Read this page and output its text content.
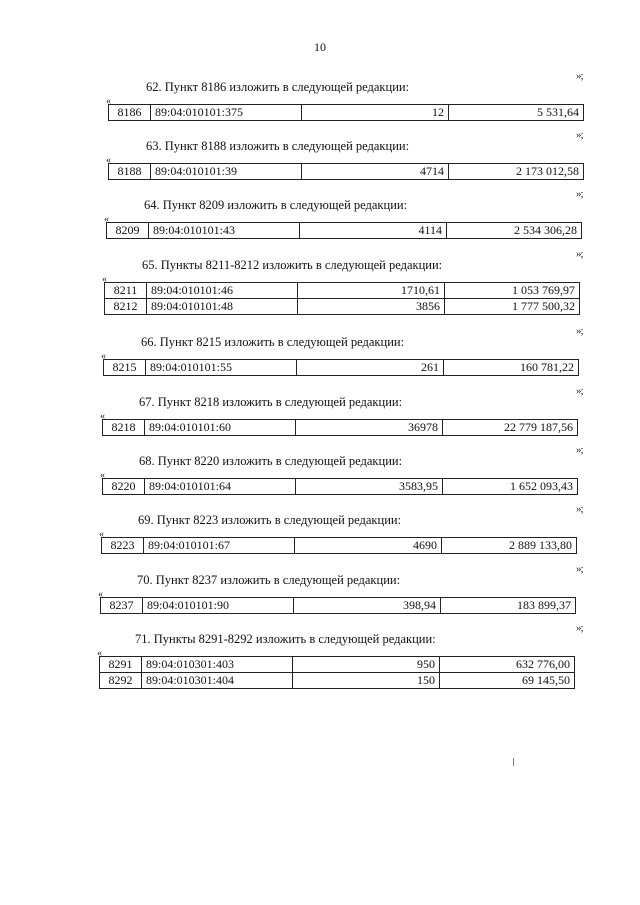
10
»;
62. Пункт 8186 изложить в следующей редакции:
«
8186	89:04:010101:375	12	5 531,64
»;
63. Пункт 8188 изложить в следующей редакции:
«
8188	89:04:010101:39	4714	2 173 012,58
»;
64. Пункт 8209 изложить в следующей редакции:
«
8209	89:04:010101:43	4114	2 534 306,28
»;
65. Пункты 8211-8212 изложить в следующей редакции:
«
8211	89:04:010101:46	1710,61	1 053 769,97
8212	89:04:010101:48	3856	1 777 500,32
»;
66. Пункт 8215 изложить в следующей редакции:
«
8215	89:04:010101:55	261	160 781,22
»;
67. Пункт 8218 изложить в следующей редакции:
«
8218	89:04:010101:60	36978	22 779 187,56
»;
68. Пункт 8220 изложить в следующей редакции:
«
8220	89:04:010101:64	3583,95	1 652 093,43
»;
69. Пункт 8223 изложить в следующей редакции:
«
8223	89:04:010101:67	4690	2 889 133,80
»;
70. Пункт 8237 изложить в следующей редакции:
«
8237	89:04:010101:90	398,94	183 899,37
»;
71. Пункты 8291-8292 изложить в следующей редакции:
«
8291	89:04:010301:403	950	632 776,00
8292	89:04:010301:404	150	69 145,50
